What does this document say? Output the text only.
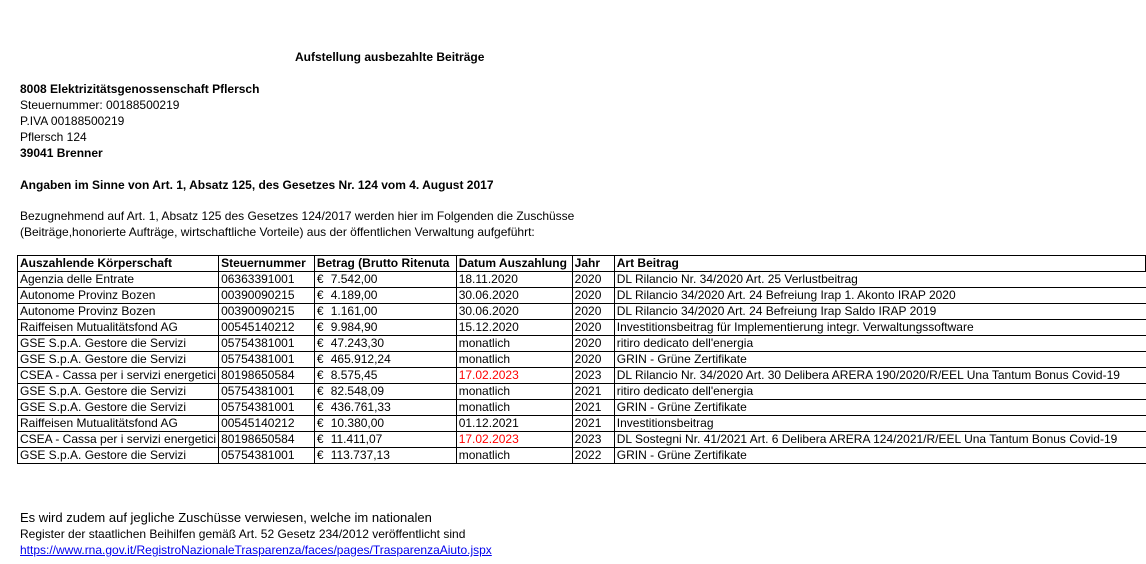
Aufstellung ausbezahlte Beiträge
8008 Elektrizitätsgenossenschaft Pflersch
Steuernummer: 00188500219
P.IVA 00188500219
Pflersch 124
39041 Brenner
Angaben im Sinne von Art. 1, Absatz 125, des Gesetzes Nr. 124 vom 4. August 2017
Bezugnehmend auf Art. 1, Absatz 125 des Gesetzes 124/2017 werden hier im Folgenden die Zuschüsse
(Beiträge,honorierte Aufträge, wirtschaftliche Vorteile) aus der öffentlichen Verwaltung aufgeführt:
Auszahlende Körperschaft	Steuernummer	Betrag (Brutto Ritenuta		Datum Auszahlung	Jahr	Art Beitrag
Agenzia delle Entrate	06363391001	€	7.542,00	18.11.2020	2020	DL Rilancio Nr. 34/2020 Art. 25 Verlustbeitrag
Autonome Provinz Bozen	00390090215	€	4.189,00	30.06.2020	2020	DL Rilancio 34/2020 Art. 24 Befreiung Irap 1. Akonto IRAP 2020
Autonome Provinz Bozen	00390090215	€	1.161,00	30.06.2020	2020	DL Rilancio 34/2020 Art. 24 Befreiung Irap Saldo IRAP 2019
Raiffeisen Mutualitätsfond AG	00545140212	€	9.984,90	15.12.2020	2020	Investitionsbeitrag für Implementierung integr. Verwaltungssoftware
GSE S.p.A. Gestore die Servizi	05754381001	€	47.243,30	monatlich	2020	ritiro dedicato dell'energia
GSE S.p.A. Gestore die Servizi	05754381001	€	465.912,24	monatlich	2020	GRIN - Grüne Zertifikate
CSEA - Cassa per i servizi energetici	80198650584	€	8.575,45	17.02.2023	2023	DL Rilancio Nr. 34/2020 Art. 30 Delibera ARERA 190/2020/R/EEL Una Tantum Bonus Covid-19
GSE S.p.A. Gestore die Servizi	05754381001	€	82.548,09	monatlich	2021	ritiro dedicato dell'energia
GSE S.p.A. Gestore die Servizi	05754381001	€	436.761,33	monatlich	2021	GRIN - Grüne Zertifikate
Raiffeisen Mutualitätsfond AG	00545140212	€	10.380,00	01.12.2021	2021	Investitionsbeitrag
CSEA - Cassa per i servizi energetici	80198650584	€	11.411,07	17.02.2023	2023	DL Sostegni Nr. 41/2021 Art. 6 Delibera ARERA 124/2021/R/EEL Una Tantum Bonus Covid-19
GSE S.p.A. Gestore die Servizi	05754381001	€	113.737,13	monatlich	2022	GRIN - Grüne Zertifikate
Es wird zudem auf jegliche Zuschüsse verwiesen, welche im nationalen
Register der staatlichen Beihilfen gemäß Art. 52 Gesetz 234/2012 veröffentlicht sind
https://www.rna.gov.it/RegistroNazionaleTrasparenza/faces/pages/TrasparenzaAiuto.jspx
